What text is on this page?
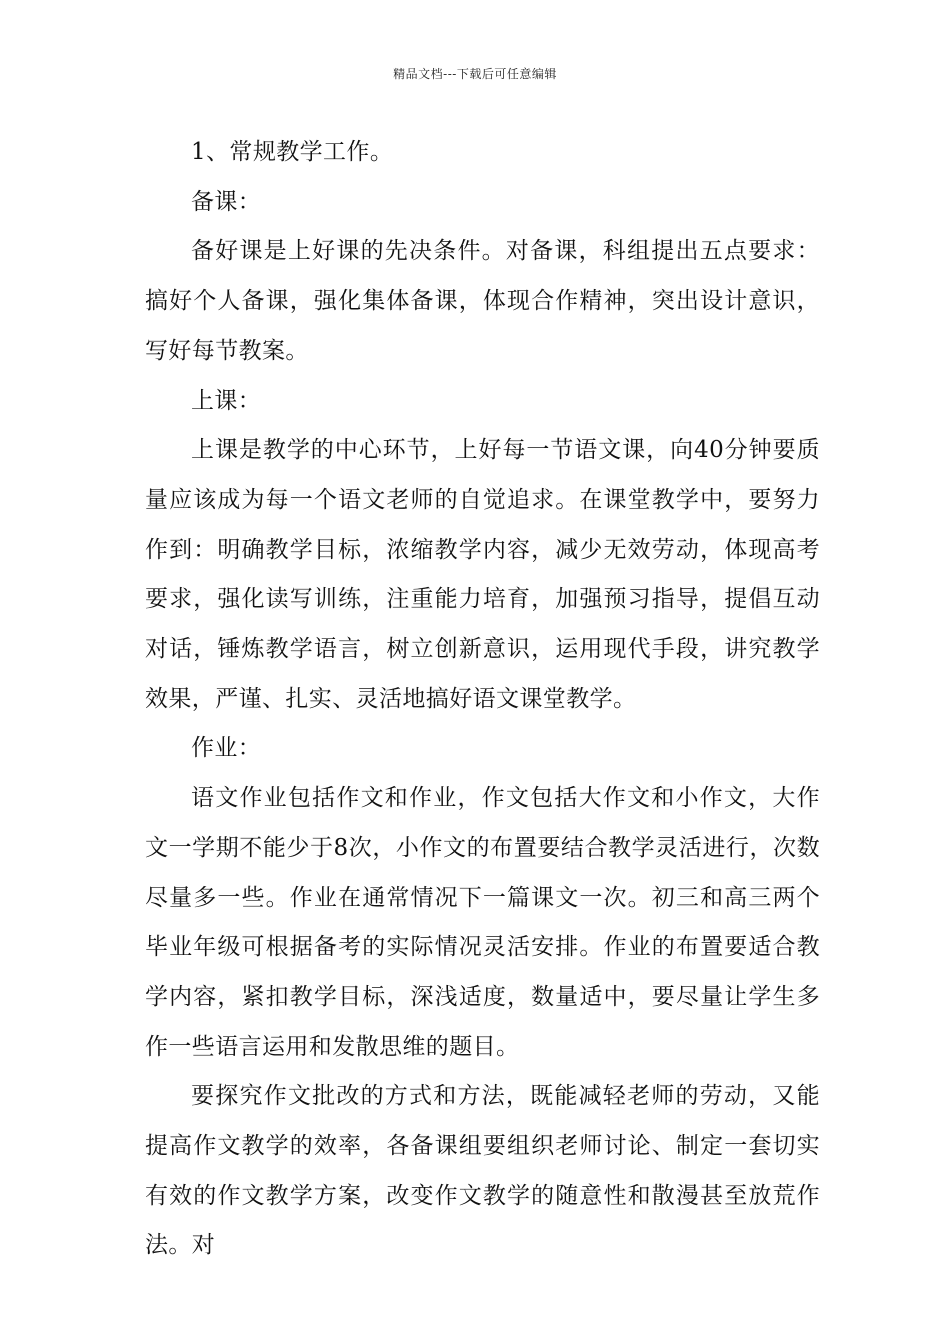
精品文档---下载后可任意编辑

1、常规教学工作。

备课：

备好课是上好课的先决条件。对备课，科组提出五点要求：搞好个人备课，强化集体备课，体现合作精神，突出设计意识，写好每节教案。

上课：

上课是教学的中心环节，上好每一节语文课，向40分钟要质量应该成为每一个语文老师的自觉追求。在课堂教学中，要努力作到：明确教学目标，浓缩教学内容，减少无效劳动，体现高考要求，强化读写训练，注重能力培育，加强预习指导，提倡互动对话，锤炼教学语言，树立创新意识，运用现代手段，讲究教学效果，严谨、扎实、灵活地搞好语文课堂教学。

作业：

语文作业包括作文和作业，作文包括大作文和小作文，大作文一学期不能少于8次，小作文的布置要结合教学灵活进行，次数尽量多一些。作业在通常情况下一篇课文一次。初三和高三两个毕业年级可根据备考的实际情况灵活安排。作业的布置要适合教学内容，紧扣教学目标，深浅适度，数量适中，要尽量让学生多作一些语言运用和发散思维的题目。

要探究作文批改的方式和方法，既能减轻老师的劳动，又能提高作文教学的效率，各备课组要组织老师讨论、制定一套切实有效的作文教学方案，改变作文教学的随意性和散漫甚至放荒作法。对
